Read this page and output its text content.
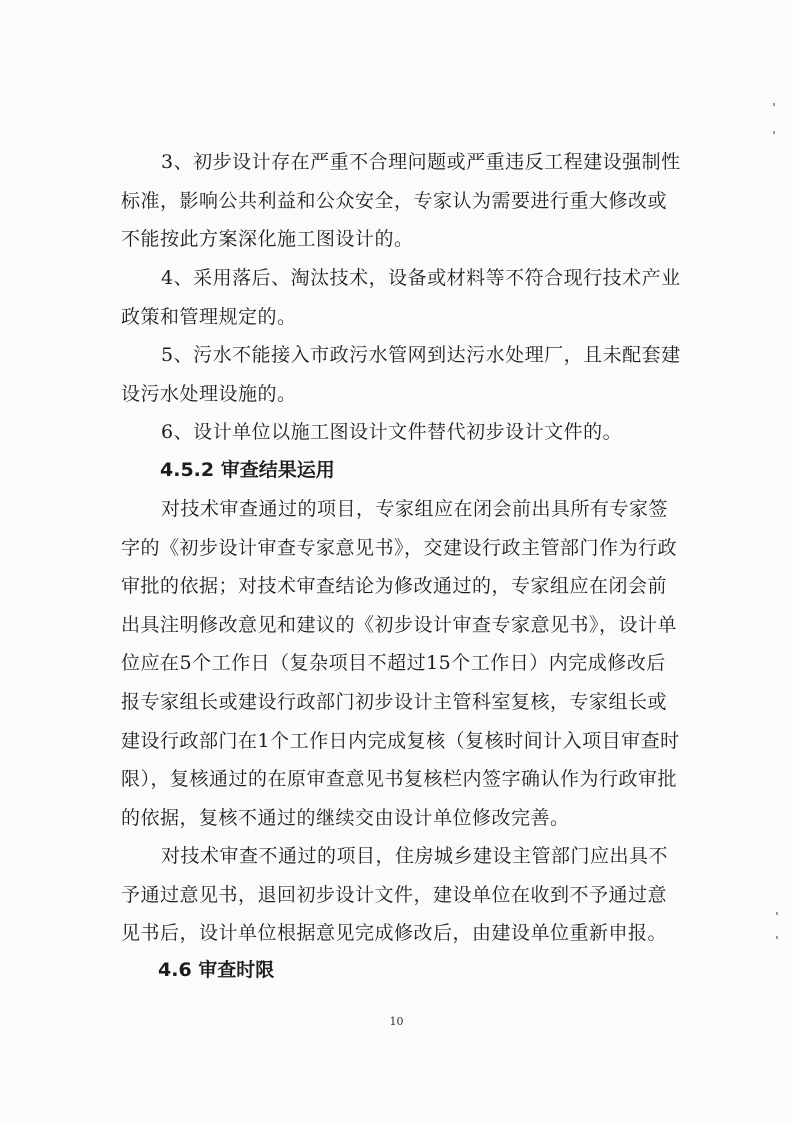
3、初步设计存在严重不合理问题或严重违反工程建设强制性标准，影响公共利益和公众安全，专家认为需要进行重大修改或不能按此方案深化施工图设计的。

4、采用落后、淘汰技术，设备或材料等不符合现行技术产业政策和管理规定的。

5、污水不能接入市政污水管网到达污水处理厂，且未配套建设污水处理设施的。

6、设计单位以施工图设计文件替代初步设计文件的。

4.5.2 审查结果运用

对技术审查通过的项目，专家组应在闭会前出具所有专家签字的《初步设计审查专家意见书》，交建设行政主管部门作为行政审批的依据；对技术审查结论为修改通过的，专家组应在闭会前出具注明修改意见和建议的《初步设计审查专家意见书》，设计单位应在5个工作日（复杂项目不超过15个工作日）内完成修改后报专家组长或建设行政部门初步设计主管科室复核，专家组长或建设行政部门在1个工作日内完成复核（复核时间计入项目审查时限），复核通过的在原审查意见书复核栏内签字确认作为行政审批的依据，复核不通过的继续交由设计单位修改完善。

对技术审查不通过的项目，住房城乡建设主管部门应出具不予通过意见书，退回初步设计文件，建设单位在收到不予通过意见书后，设计单位根据意见完成修改后，由建设单位重新申报。

4.6 审查时限
10
